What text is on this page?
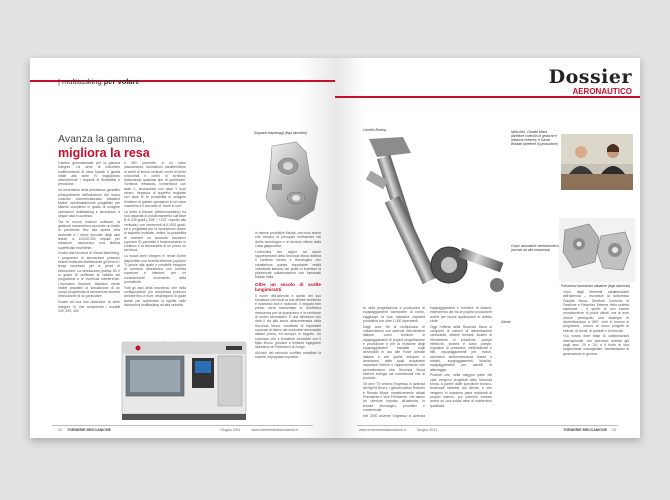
| multitasking per volare
Avanza la gamma,
migliora la resa

Cambio generazionale per la gamma Integrex. La serie di macchine multifunzionali di casa Mazak è giunta infatti alla serie IV migliorando ulteriormente i requisiti di flessibilità e precisione.

Un incremento delle prestazioni garantito principalmente dall'adozione del nuovo controllo commercializzato Mazatrol Matrix, specificatamente progettato per sistemi complessi in grado di svolgere operazioni multitasking e lavorazioni a cinque assi in continuo.

Tra le nuove funzioni software, la gestione nanometrica consente un livello di precisione fino alla quarta cifra decimale e i nuovi encoder degli assi lineari, a 16.000.000 impulsi per rotazione, assicurano una finitura superficiale eccellente.

Grazie alla funzione di Virtual Machining, i programmi di lavorazione possono essere realizzati direttamente gli errori e i tempi necessari per le prove di esecuzione. La simulazione grafica 3D è in grado di verificare la validità del programma e le eventuali interferenze. L'esclusiva funzione Mazatrol rende inoltre possibile la simulazione di un nuovo programma di lavorazione durante l'esecuzione di un particolare.

Grazie ad una loro dotazione, la serie Integrex IV, che comprende i modelli 100, 200, 300

e 400, permette, in un unico piazzamento, lavorazioni caratteristiche di centri di lavoro verticali, centri di tornio orizzontali e centri di tornitura, realizzando qualsiasi tipo di particolare. Tornitura, fresatura, contornitura con asse C, lavorazione con asse Y fuori centro, fresatura di superfici angolate con asse B: le possibilità di svolgere l'insieme di queste operazioni in un'unica macchina è il concetto di "done in one".

La testa a fresare (elettromandrino) ha una capacità di posizionamento sull'asse B di 225 gradi (-105° / +120° rispetto alla verticale), con incrementi di 0,0001 gradi; ed è progettata per la lavorazione anche di superfici inclinate. Inoltre, la possibilità di montare un secondo mandrino (opzione S) permette il funzionamento in continuo e la lavorazione di un pezzo su sei facce.

La nuova serie Integrex IV rende inoltre disponibile una torretta inferiore (opzione T) grazie alla quale è possibile eseguire la tornitura simultanea con torretta superiore e inferiore, per un considerevole incremento della produttività.

Tutti gli assi della macchina, che nella configurazione più complessa possono arrivare fino a nove, dispongono di guide lineari per aumentare la rigidità nelle lavorazioni multitasking ad alta velocità.

Supporto trapezoggi (lega alluminio)

in riserve produttive Mazak, ma sono anche che trovano le principali motivazioni nel livello tecnologico e di servizio offerto dalla Casa giapponese.

L'intervista che segue ad alcuni rappresentanti della Seconda Mona delinea il contesto storico e tecnologico che caratterizza questa importante realtà industriale italiana, nel quale si inserisce la pluriennale collaborazione con Yamazaki Mazak Italia.

Oltre un secolo di scelte lungimiranti

Il nome dell'azienda è quello del suo fondatore che iniziò la sua attività vendendo e riparando cicli e motocicli. Il negozio ben presto verrà trasformato in un'officina meccanica per la riparazione e la revisione di motori aeronautici. È una decisione che darà il via alla storia ultracentenaria della Seconda Mona, costellata di importanti successi al fianco dei costruttori aeronautici italiani, prima, ed europei, in seguito. Un successo che il fondatore condivide con il figlio Bruno, giovane e brillante ingegnere laureatosi al Politecnico di Zurigo.

All'inizio del secondo conflitto mondiale la società, impegnata soprattut-

22 TORNERIE MECCANICHE	Giugno 2011	www.tornerieandlavorazioni.it
Dossier
AERONAUTICO
Carrello Boeing	Nella foto, Claudia Mona (direttore controllo di gestione e relazioni esterne), e Danilo Bimbati (direttore di produzione)
Corpo azionatore stereotaxonico (acciaio ad alto resistenza)
Pressofusi lavorazioni attuatore (lega alluminio)

to nella progettazione e produzione di equipaggiamenti carburante di bordo, raggiunge la sua massima capacità produttiva con oltre 1.000 dipendenti.

Dagli anni '50 si moltiplicano le collaborazioni con aziende velivolistiche italiane, come fornitore di equipaggiamenti di propria progettazione e produzione e per la revisione degli equipaggiamenti installati sugli aeromobili in uso alle Forze Armate italiane e con quelle europee e americane, dalle quali acquisisce importanti licenze e rappresentanze che permetteranno alla Seconda Mona ulteriori sviluppi sia commerciali che di prodotto.

Gli anni '70 vedono l'ingresso in azienda dei figli di Bruno, i giovani dottori Roberto e Renato Mona, rispettivamente attuali Presidente e Vice Presidente, che danno un ulteriore impulso all'azienda, in termini tecnologici, produttivi e commerciali.

Nel 2000 avviene l'ingresso in azienda

equipaggiamenti e fornitore di sistemi, estendendo via via la propria produzione anche per nuove applicazioni in ambito civile.

Oggi l'offerta della Seconda Mona si compone di sistemi di alimentazione carburante, sistemi frenanti, sistemi di rifornimento in pressione, pompe elettriche, sistemi e turbo pompe, regolatori di pressione, elettrovalvole e filtri, equipaggiamenti per motori, azionatori elettromeccanici lineari e rotativi, equipaggiamenti idraulici, equipaggiamenti per carrelli di atterraggio.

Prodotti che, nella maggior parte dei casi, vengono progettati dalla Seconda Mona, a partire dalle specifiche tecnico-funzionali richieste dal cliente, e che vengono in massima parte realizzati al proprio interno, pur potendo contare anche su una solida base di subfornitori qualificati.

«Uno degli elementi caratterizzanti dell'azienda – esordisce la dottoressa Claudia Mona, Direttore Controllo di Gestione e Relazioni Esterne della società savonese – è quello di non essere monofornitore di pochi clienti, ma di aver invece perseguito una strategia di diversificazione a 360°, cioè in termini di programmi, ovvero di nuovi progetti di velivoli, di clienti, di prodotti e di mercati.

«La nostra forte base di collaborazioni internazionali, che avevamo avviato già dagli anni '20 e '30, è il frutto di una lungimirante manageriale, tramandatasi di generazione in genera-

Giunto
www.tornerieandlavorazioni.it	Giugno 2011	TORNERIE MECCANICHE 23
